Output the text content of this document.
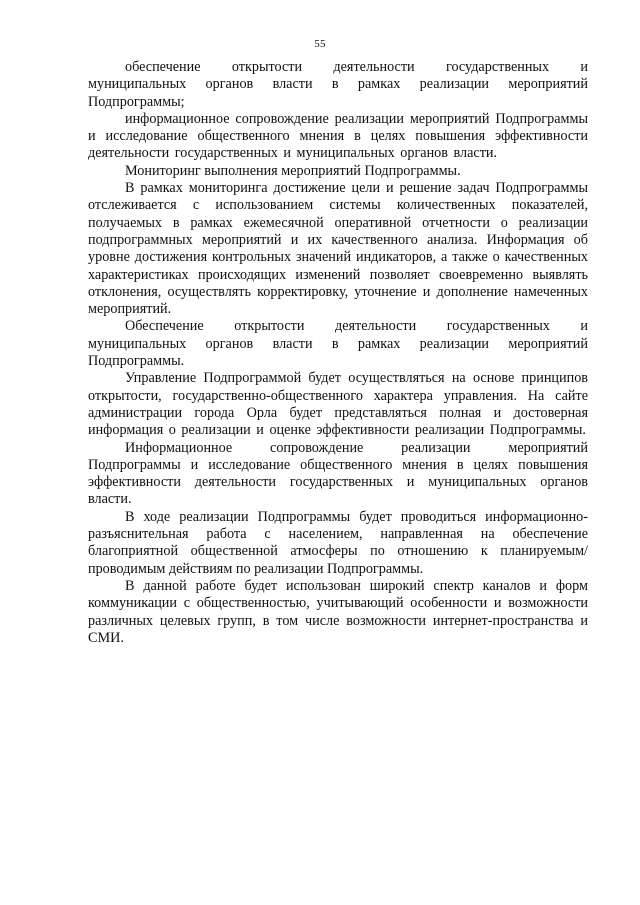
55

обеспечение открытости деятельности государственных и муниципальных органов власти в рамках реализации мероприятий Подпрограммы;

информационное сопровождение реализации мероприятий Подпрограммы и исследование общественного мнения в целях повышения эффективности деятельности государственных и муниципальных органов власти.

Мониторинг выполнения мероприятий Подпрограммы.

В рамках мониторинга достижение цели и решение задач Подпрограммы отслеживается с использованием системы количественных показателей, получаемых в рамках ежемесячной оперативной отчетности о реализации подпрограммных мероприятий и их качественного анализа. Информация об уровне достижения контрольных значений индикаторов, а также о качественных характеристиках происходящих изменений позволяет своевременно выявлять отклонения, осуществлять корректировку, уточнение и дополнение намеченных мероприятий.

Обеспечение открытости деятельности государственных и муниципальных органов власти в рамках реализации мероприятий Подпрограммы.

Управление Подпрограммой будет осуществляться на основе принципов открытости, государственно-общественного характера управления. На сайте администрации города Орла будет представляться полная и достоверная информация о реализации и оценке эффективности реализации Подпрограммы.

Информационное сопровождение реализации мероприятий Подпрограммы и исследование общественного мнения в целях повышения эффективности деятельности государственных и муниципальных органов власти.

В ходе реализации Подпрограммы будет проводиться информационно-разъяснительная работа с населением, направленная на обеспечение благоприятной общественной атмосферы по отношению к планируемым/проводимым действиям по реализации Подпрограммы.

В данной работе будет использован широкий спектр каналов и форм коммуникации с общественностью, учитывающий особенности и возможности различных целевых групп, в том числе возможности интернет-пространства и СМИ.
